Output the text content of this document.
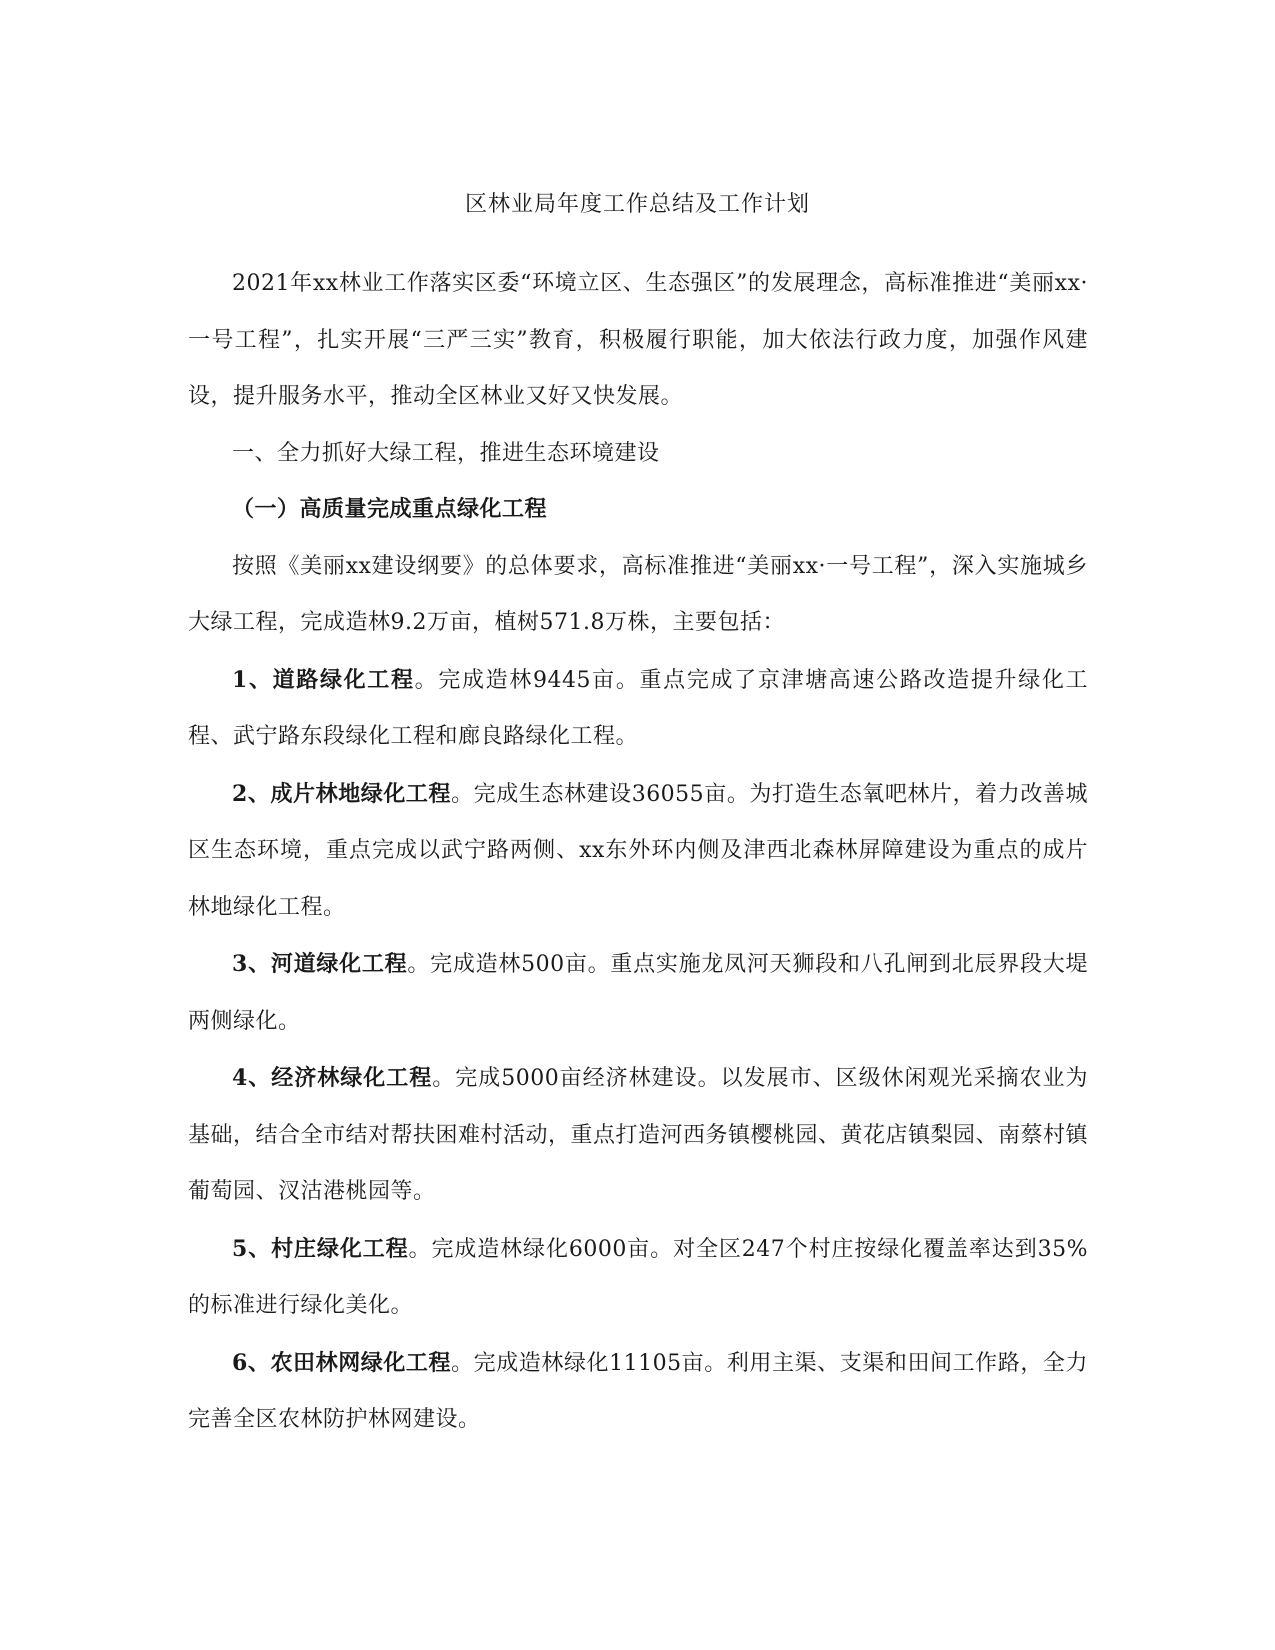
区林业局年度工作总结及工作计划

2021年xx林业工作落实区委“环境立区、生态强区”的发展理念，高标准推进“美丽xx·一号工程”，扎实开展“三严三实”教育，积极履行职能，加大依法行政力度，加强作风建设，提升服务水平，推动全区林业又好又快发展。

一、全力抓好大绿工程，推进生态环境建设

（一）高质量完成重点绿化工程

按照《美丽xx建设纲要》的总体要求，高标准推进“美丽xx·一号工程”，深入实施城乡大绿工程，完成造林9.2万亩，植树571.8万株，主要包括：

1、道路绿化工程。完成造林9445亩。重点完成了京津塘高速公路改造提升绿化工程、武宁路东段绿化工程和廊良路绿化工程。

2、成片林地绿化工程。完成生态林建设36055亩。为打造生态氧吧林片，着力改善城区生态环境，重点完成以武宁路两侧、xx东外环内侧及津西北森林屏障建设为重点的成片林地绿化工程。

3、河道绿化工程。完成造林500亩。重点实施龙凤河天狮段和八孔闸到北辰界段大堤两侧绿化。

4、经济林绿化工程。完成5000亩经济林建设。以发展市、区级休闲观光采摘农业为基础，结合全市结对帮扶困难村活动，重点打造河西务镇樱桃园、黄花店镇梨园、南蔡村镇葡萄园、汊沽港桃园等。

5、村庄绿化工程。完成造林绿化6000亩。对全区247个村庄按绿化覆盖率达到35%的标准进行绿化美化。

6、农田林网绿化工程。完成造林绿化11105亩。利用主渠、支渠和田间工作路，全力完善全区农林防护林网建设。
